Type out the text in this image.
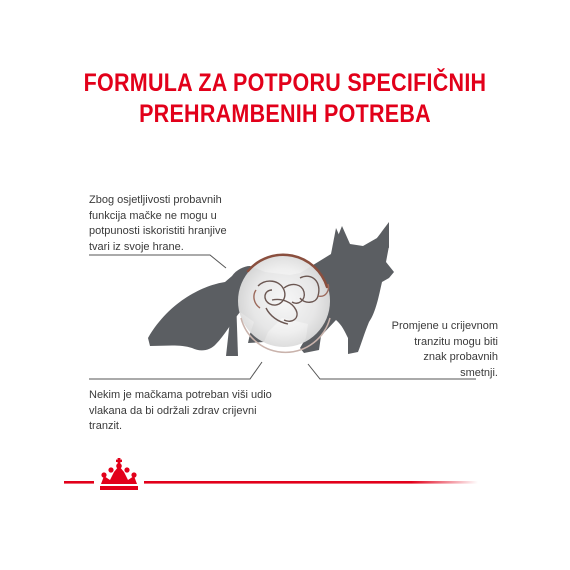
FORMULA ZA POTPORU SPECIFIČNIH
PREHRAMBENIH POTREBA
Zbog osjetljivosti probavnih
funkcija mačke ne mogu u
potpunosti iskoristiti hranjive
tvari iz svoje hrane.
Promjene u crijevnom
tranzitu mogu biti
znak probavnih
smetnji.
Nekim je mačkama potreban viši udio
vlakana da bi održali zdrav crijevni
tranzit.
